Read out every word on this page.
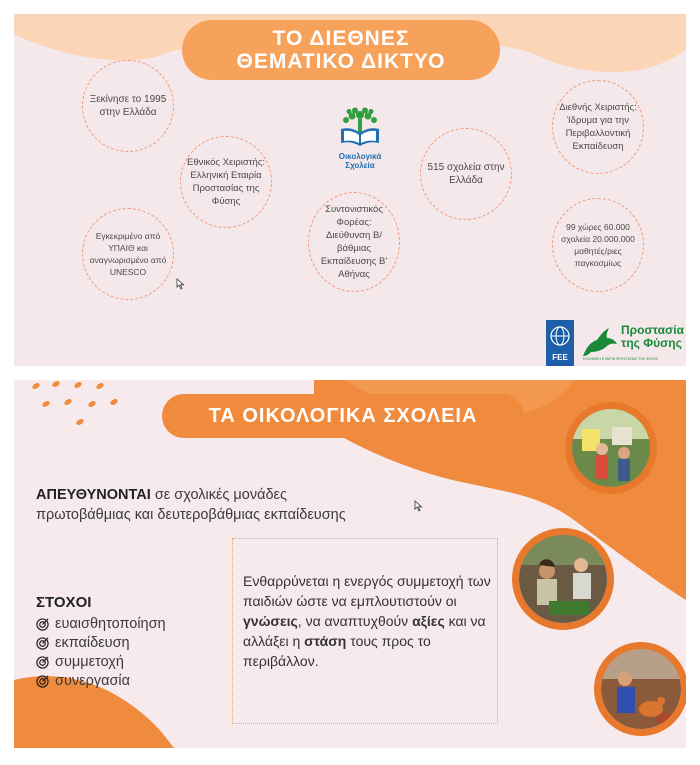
ΤΟ ΔΙΕΘΝΕΣ
ΘΕΜΑΤΙΚΟ ΔΙΚΤΥΟ
Ξεκίνησε το 1995 στην Ελλάδα
Εθνικός Χειριστής: Ελληνική Εταιρία Προστασίας της Φύσης
Εγκεκριμένο από ΥΠΑΙΘ και αναγνωρισμένο από UNESCO
Συντονιστικός Φορέας: Διεύθυνση Β/βάθμιας Εκπαίδευσης Β' Αθήνας
515 σχολεία στην Ελλάδα
Διεθνής Χειριστής: Ίδρυμα για την Περιβαλλοντική Εκπαίδευση
99 χώρες 60.000 σχολεία 20.000.000 μαθητές/ριες παγκοσμίως
Οικολογικά
Σχολεία
FEE
Προστασία
της Φύσης
ΕΛΛΗΝΙΚΗ ΕΤΑΙΡΙΑ ΠΡΟΣΤΑΣΙΑΣ ΤΗΣ ΦΥΣΗΣ
ΤΑ ΟΙΚΟΛΟΓΙΚΑ ΣΧΟΛΕΙΑ
ΑΠΕΥΘΥΝΟΝΤΑΙ σε σχολικές μονάδες πρωτοβάθμιας και δευτεροβάθμιας εκπαίδευσης
ΣΤΟΧΟΙ
ευαισθητοποίηση
εκπαίδευση
συμμετοχή
συνεργασία
Ενθαρρύνεται η ενεργός συμμετοχή των παιδιών ώστε να εμπλουτιστούν οι γνώσεις, να αναπτυχθούν αξίες και να αλλάξει η στάση τους προς το περιβάλλον.
